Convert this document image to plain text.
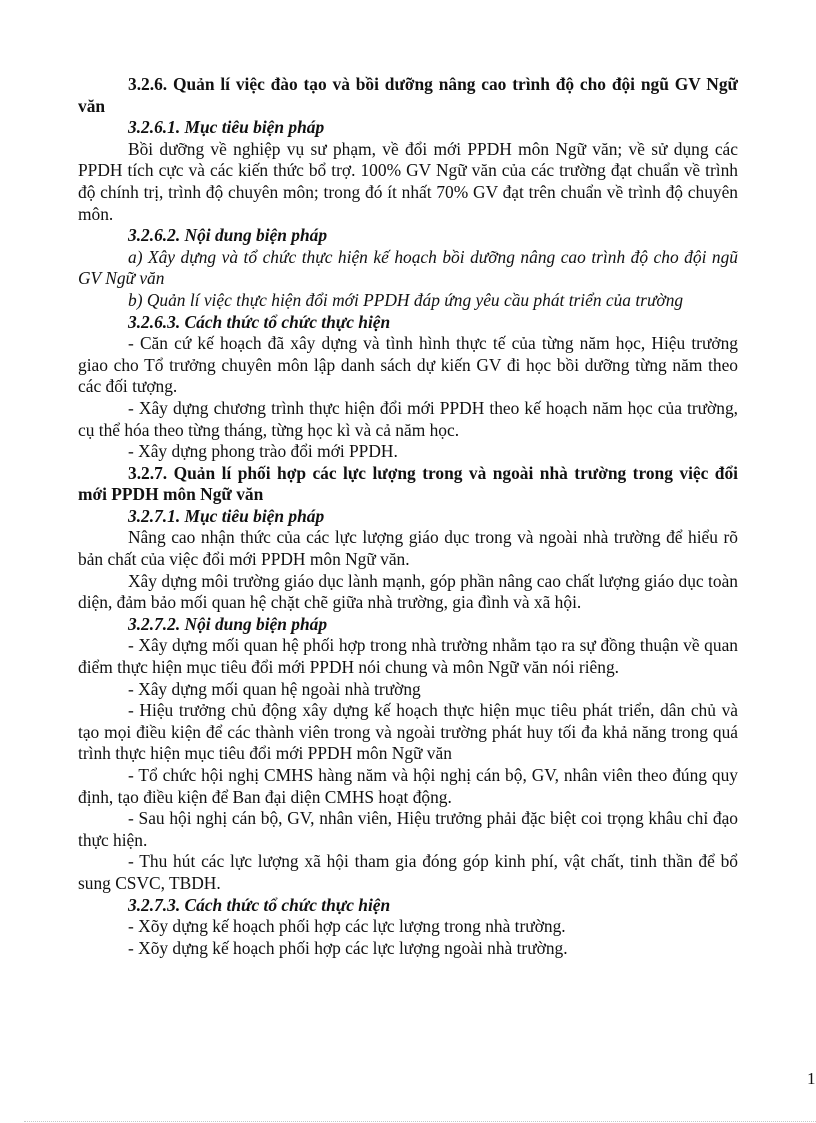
3.2.6. Quản lí việc đào tạo và bồi dưỡng nâng cao trình độ cho đội ngũ GV Ngữ văn

3.2.6.1. Mục tiêu biện pháp

Bồi dưỡng về nghiệp vụ sư phạm, về đổi mới PPDH môn Ngữ văn; về sử dụng các PPDH tích cực và các kiến thức bổ trợ. 100% GV Ngữ văn của các trường đạt chuẩn về trình độ chính trị, trình độ chuyên môn; trong đó ít nhất 70% GV đạt trên chuẩn về trình độ chuyên môn.

3.2.6.2. Nội dung biện pháp

a) Xây dựng và tổ chức thực hiện kế hoạch bồi dưỡng nâng cao trình độ cho đội ngũ GV Ngữ văn

b) Quản lí việc thực hiện đổi mới PPDH đáp ứng yêu cầu phát triển của trường

3.2.6.3. Cách thức tổ chức thực hiện

- Căn cứ kế hoạch đã xây dựng và tình hình thực tế của từng năm học, Hiệu trưởng giao cho Tổ trưởng chuyên môn lập danh sách dự kiến GV đi học bồi dưỡng từng năm theo các đối tượng.

- Xây dựng chương trình thực hiện đổi mới PPDH theo kế hoạch năm học của trường, cụ thể hóa theo từng tháng, từng học kì và cả năm học.

- Xây dựng phong trào đổi mới PPDH.

3.2.7. Quản lí phối hợp các lực lượng trong và ngoài nhà trường trong việc đổi mới PPDH môn Ngữ văn

3.2.7.1. Mục tiêu biện pháp

Nâng cao nhận thức của các lực lượng giáo dục trong và ngoài nhà trường để hiểu rõ bản chất của việc đổi mới PPDH môn Ngữ văn.

Xây dựng môi trường giáo dục lành mạnh, góp phần nâng cao chất lượng giáo dục toàn diện, đảm bảo mối quan hệ chặt chẽ giữa nhà trường, gia đình và xã hội.

3.2.7.2. Nội dung biện pháp

- Xây dựng mối quan hệ phối hợp trong nhà trường nhằm tạo ra sự đồng thuận về quan điểm thực hiện mục tiêu đổi mới PPDH nói chung và môn Ngữ văn nói riêng.

- Xây dựng mối quan hệ ngoài nhà trường

- Hiệu trưởng chủ động xây dựng kế hoạch thực hiện mục tiêu phát triển, dân chủ và tạo mọi điều kiện để các thành viên trong và ngoài trường phát huy tối đa khả năng trong quá trình thực hiện mục tiêu đổi mới PPDH môn Ngữ văn

- Tổ chức hội nghị CMHS hàng năm và hội nghị cán bộ, GV, nhân viên theo đúng quy định, tạo điều kiện để Ban đại diện CMHS hoạt động.

- Sau hội nghị cán bộ, GV, nhân viên, Hiệu trưởng phải đặc biệt coi trọng khâu chỉ đạo thực hiện.

- Thu hút các lực lượng xã hội tham gia đóng góp kinh phí, vật chất, tinh thần để bổ sung CSVC, TBDH.

3.2.7.3. Cách thức tổ chức thực hiện

- Xõy dựng kế hoạch phối hợp các lực lượng trong nhà trường.

- Xõy dựng kế hoạch phối hợp các lực lượng ngoài nhà trường.

1
